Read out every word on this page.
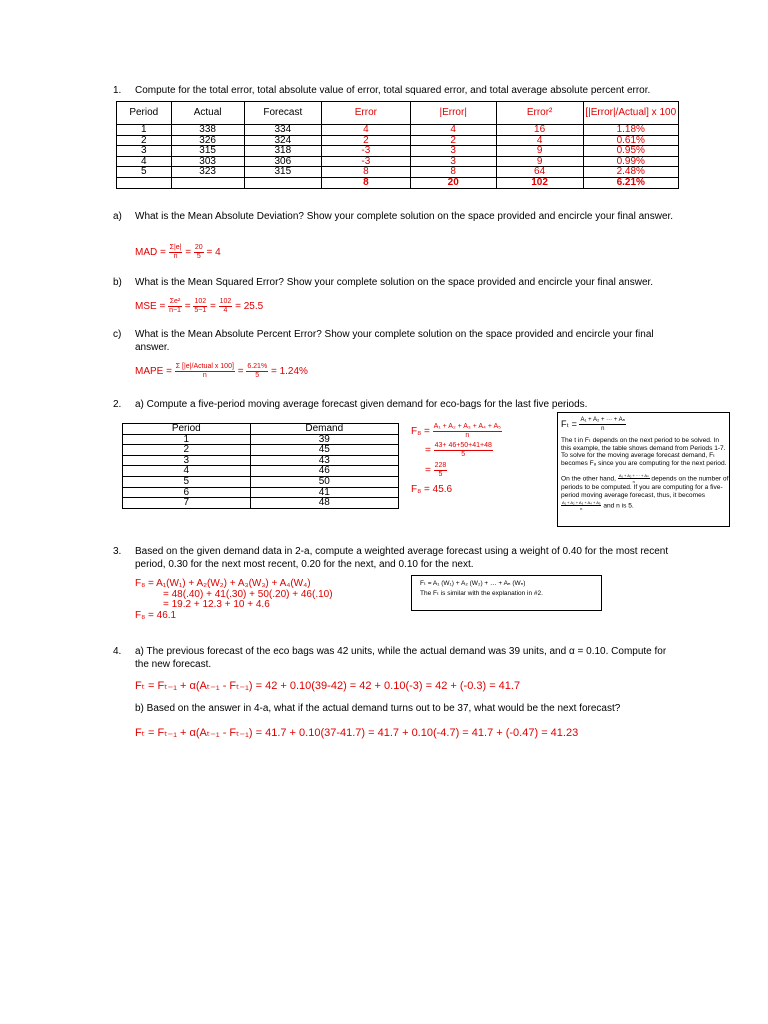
1. Compute for the total error, total absolute value of error, total squared error, and total average absolute percent error.
Period	Actual	Forecast	Error	|Error|	Error²	[|Error|/Actual] x 100
1	338	334	4	4	16	1.18%
2	326	324	2	2	4	0.61%
3	315	318	-3	3	9	0.95%
4	303	306	-3	3	9	0.99%
5	323	315	8	8	64	2.48%
			8	20	102	6.21%
a) What is the Mean Absolute Deviation? Show your complete solution on the space provided and encircle your final answer.
MAD = $\frac{\Sigma|e|}{n} = \frac{20}{5} = 4$
b) What is the Mean Squared Error? Show your complete solution on the space provided and encircle your final answer.
MSE = $\frac{\text{Σe²}}{n-1} = \frac{102}{5-1} = \frac{102}{4} = 25.5$
c) What is the Mean Absolute Percent Error? Show your complete solution on the space provided and encircle your final answer.
MAPE = $\frac{\text{Σ [|e|/Actual x 100]}}{n} = \frac{6.21\%}{5} = 1.24\%$
2. a) Compute a five-period moving average forecast given demand for eco-bags for the last five periods.
Period	Demand
1	39
2	45
3	43
4	46
5	50
6	41
7	48
$F_8 = \frac{\text{A₁ + A₂ + A₃ + A₄ + A₅}}{n}$
= $\frac{43+ 46+50+41+48}{5}$
= $\frac{228}{5}$
F₈ = 45.6
$F_t = \frac{\text{A₁ + A₂ + ··· + Aₙ}}{n}$
The t in Fₜ depends on the next period to be solved. In this example, the table shows demand from Periods 1-7. To solve for the moving average forecast demand, Fₜ becomes F₈ since you are computing for the next period.
On the other hand, $\frac{\text{A₁ + A₂ + ··· + Aₙ}}{n}$ depends on the number of periods to be computed. If you are computing for a five-period moving average forecast, thus, it becomes
$\frac{\text{A₁ + A₂ + A₃ + A₄ + A₅}}{n}$ and n is 5.
3. Based on the given demand data in 2-a, compute a weighted average forecast using a weight of 0.40 for the most recent period, 0.30 for the next most recent, 0.20 for the next, and 0.10 for the next.
F₈ = A₁(W₁) + A₂(W₂) + A₃(W₃) + A₄(W₄)
= 48(.40) + 41(.30) + 50(.20) + 46(.10)
= 19.2 + 12.3 + 10 + 4.6
F₈ = 46.1
Fₜ = A₁ (W₁) + A₂ (W₂) + … + Aₙ (Wₙ)
The Fₜ is similar with the explanation in #2.
4. a) The previous forecast of the eco bags was 42 units, while the actual demand was 39 units, and α = 0.10. Compute for the new forecast.
Fₜ = Fₜ₋₁ + α(Aₜ₋₁ - Fₜ₋₁) = 42 + 0.10(39-42) = 42 + 0.10(-3) = 42 + (-0.3) = 41.7
b) Based on the answer in 4-a, what if the actual demand turns out to be 37, what would be the next forecast?
Fₜ = Fₜ₋₁ + α(Aₜ₋₁ - Fₜ₋₁) = 41.7 + 0.10(37-41.7) = 41.7 + 0.10(-4.7) = 41.7 + (-0.47) = 41.23
